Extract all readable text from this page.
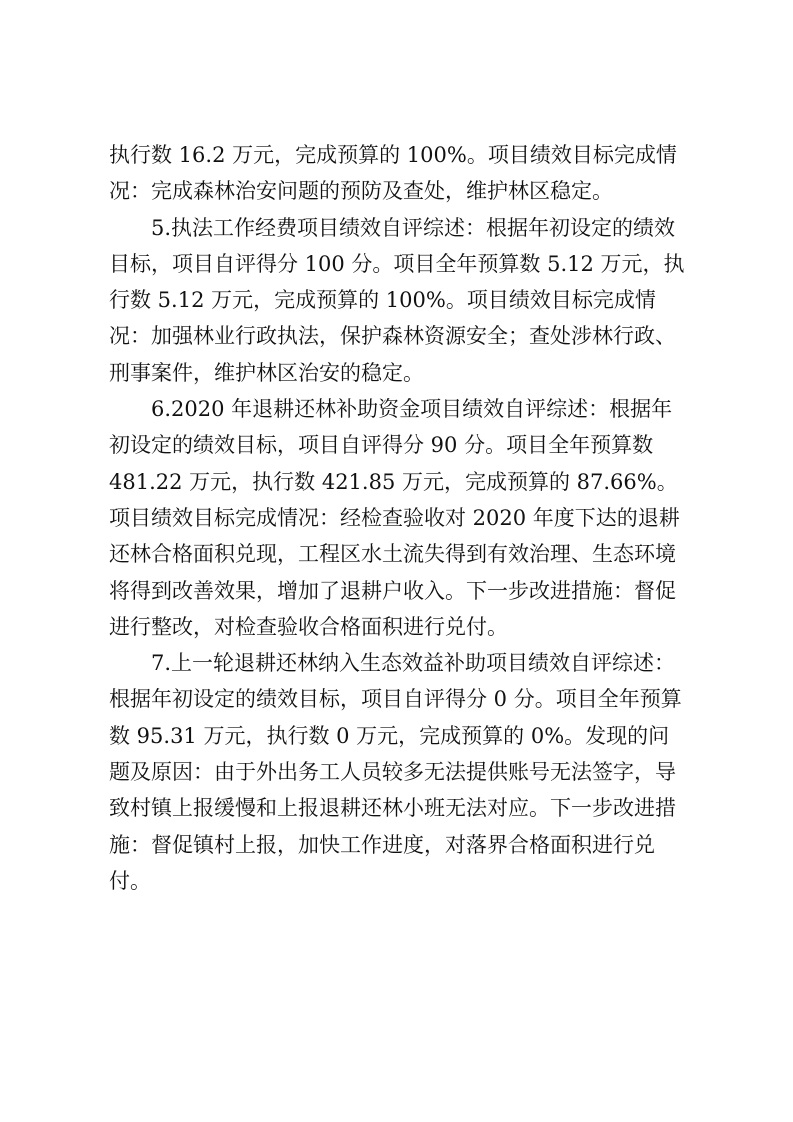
执行数 16.2 万元，完成预算的 100%。项目绩效目标完成情况：完成森林治安问题的预防及查处，维护林区稳定。

5.执法工作经费项目绩效自评综述：根据年初设定的绩效目标，项目自评得分 100 分。项目全年预算数 5.12 万元，执行数 5.12 万元，完成预算的 100%。项目绩效目标完成情况：加强林业行政执法，保护森林资源安全；查处涉林行政、刑事案件，维护林区治安的稳定。

6.2020 年退耕还林补助资金项目绩效自评综述：根据年初设定的绩效目标，项目自评得分 90 分。项目全年预算数 481.22 万元，执行数 421.85 万元，完成预算的 87.66%。项目绩效目标完成情况：经检查验收对 2020 年度下达的退耕还林合格面积兑现，工程区水土流失得到有效治理、生态环境将得到改善效果，增加了退耕户收入。下一步改进措施：督促进行整改，对检查验收合格面积进行兑付。

7.上一轮退耕还林纳入生态效益补助项目绩效自评综述：根据年初设定的绩效目标，项目自评得分 0 分。项目全年预算数 95.31 万元，执行数 0 万元，完成预算的 0%。发现的问题及原因：由于外出务工人员较多无法提供账号无法签字，导致村镇上报缓慢和上报退耕还林小班无法对应。下一步改进措施：督促镇村上报，加快工作进度，对落界合格面积进行兑付。
